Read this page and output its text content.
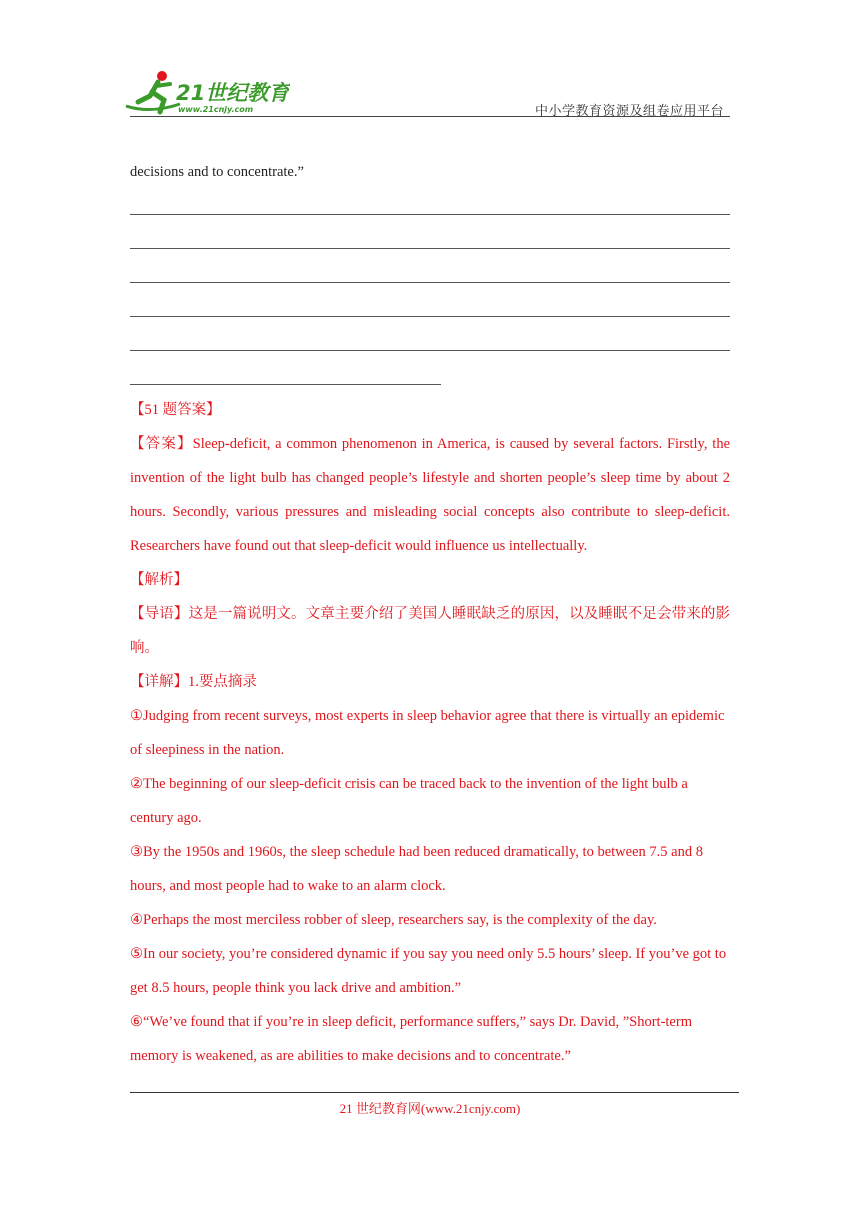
21世纪教育
www.21cnjy.com	中小学教育资源及组卷应用平台

decisions and to concentrate.”

【51 题答案】

【答案】Sleep-deficit, a common phenomenon in America, is caused by several factors. Firstly, the invention of the light bulb has changed people’s lifestyle and shorten people’s sleep time by about 2 hours. Secondly, various pressures and misleading social concepts also contribute to sleep-deficit. Researchers have found out that sleep-deficit would influence us intellectually.

【解析】

【导语】这是一篇说明文。文章主要介绍了美国人睡眠缺乏的原因，以及睡眠不足会带来的影响。

【详解】1.要点摘录

①Judging from recent surveys, most experts in sleep behavior agree that there is virtually an epidemic of sleepiness in the nation.

②The beginning of our sleep-deficit crisis can be traced back to the invention of the light bulb a century ago.

③By the 1950s and 1960s, the sleep schedule had been reduced dramatically, to between 7.5 and 8 hours, and most people had to wake to an alarm clock.

④Perhaps the most merciless robber of sleep, researchers say, is the complexity of the day.

⑤In our society, you’re considered dynamic if you say you need only 5.5 hours’ sleep. If you’ve got to get 8.5 hours, people think you lack drive and ambition.”

⑥“We’ve found that if you’re in sleep deficit, performance suffers,” says Dr. David, ”Short-term memory is weakened, as are abilities to make decisions and to concentrate.”

21 世纪教育网(www.21cnjy.com)
